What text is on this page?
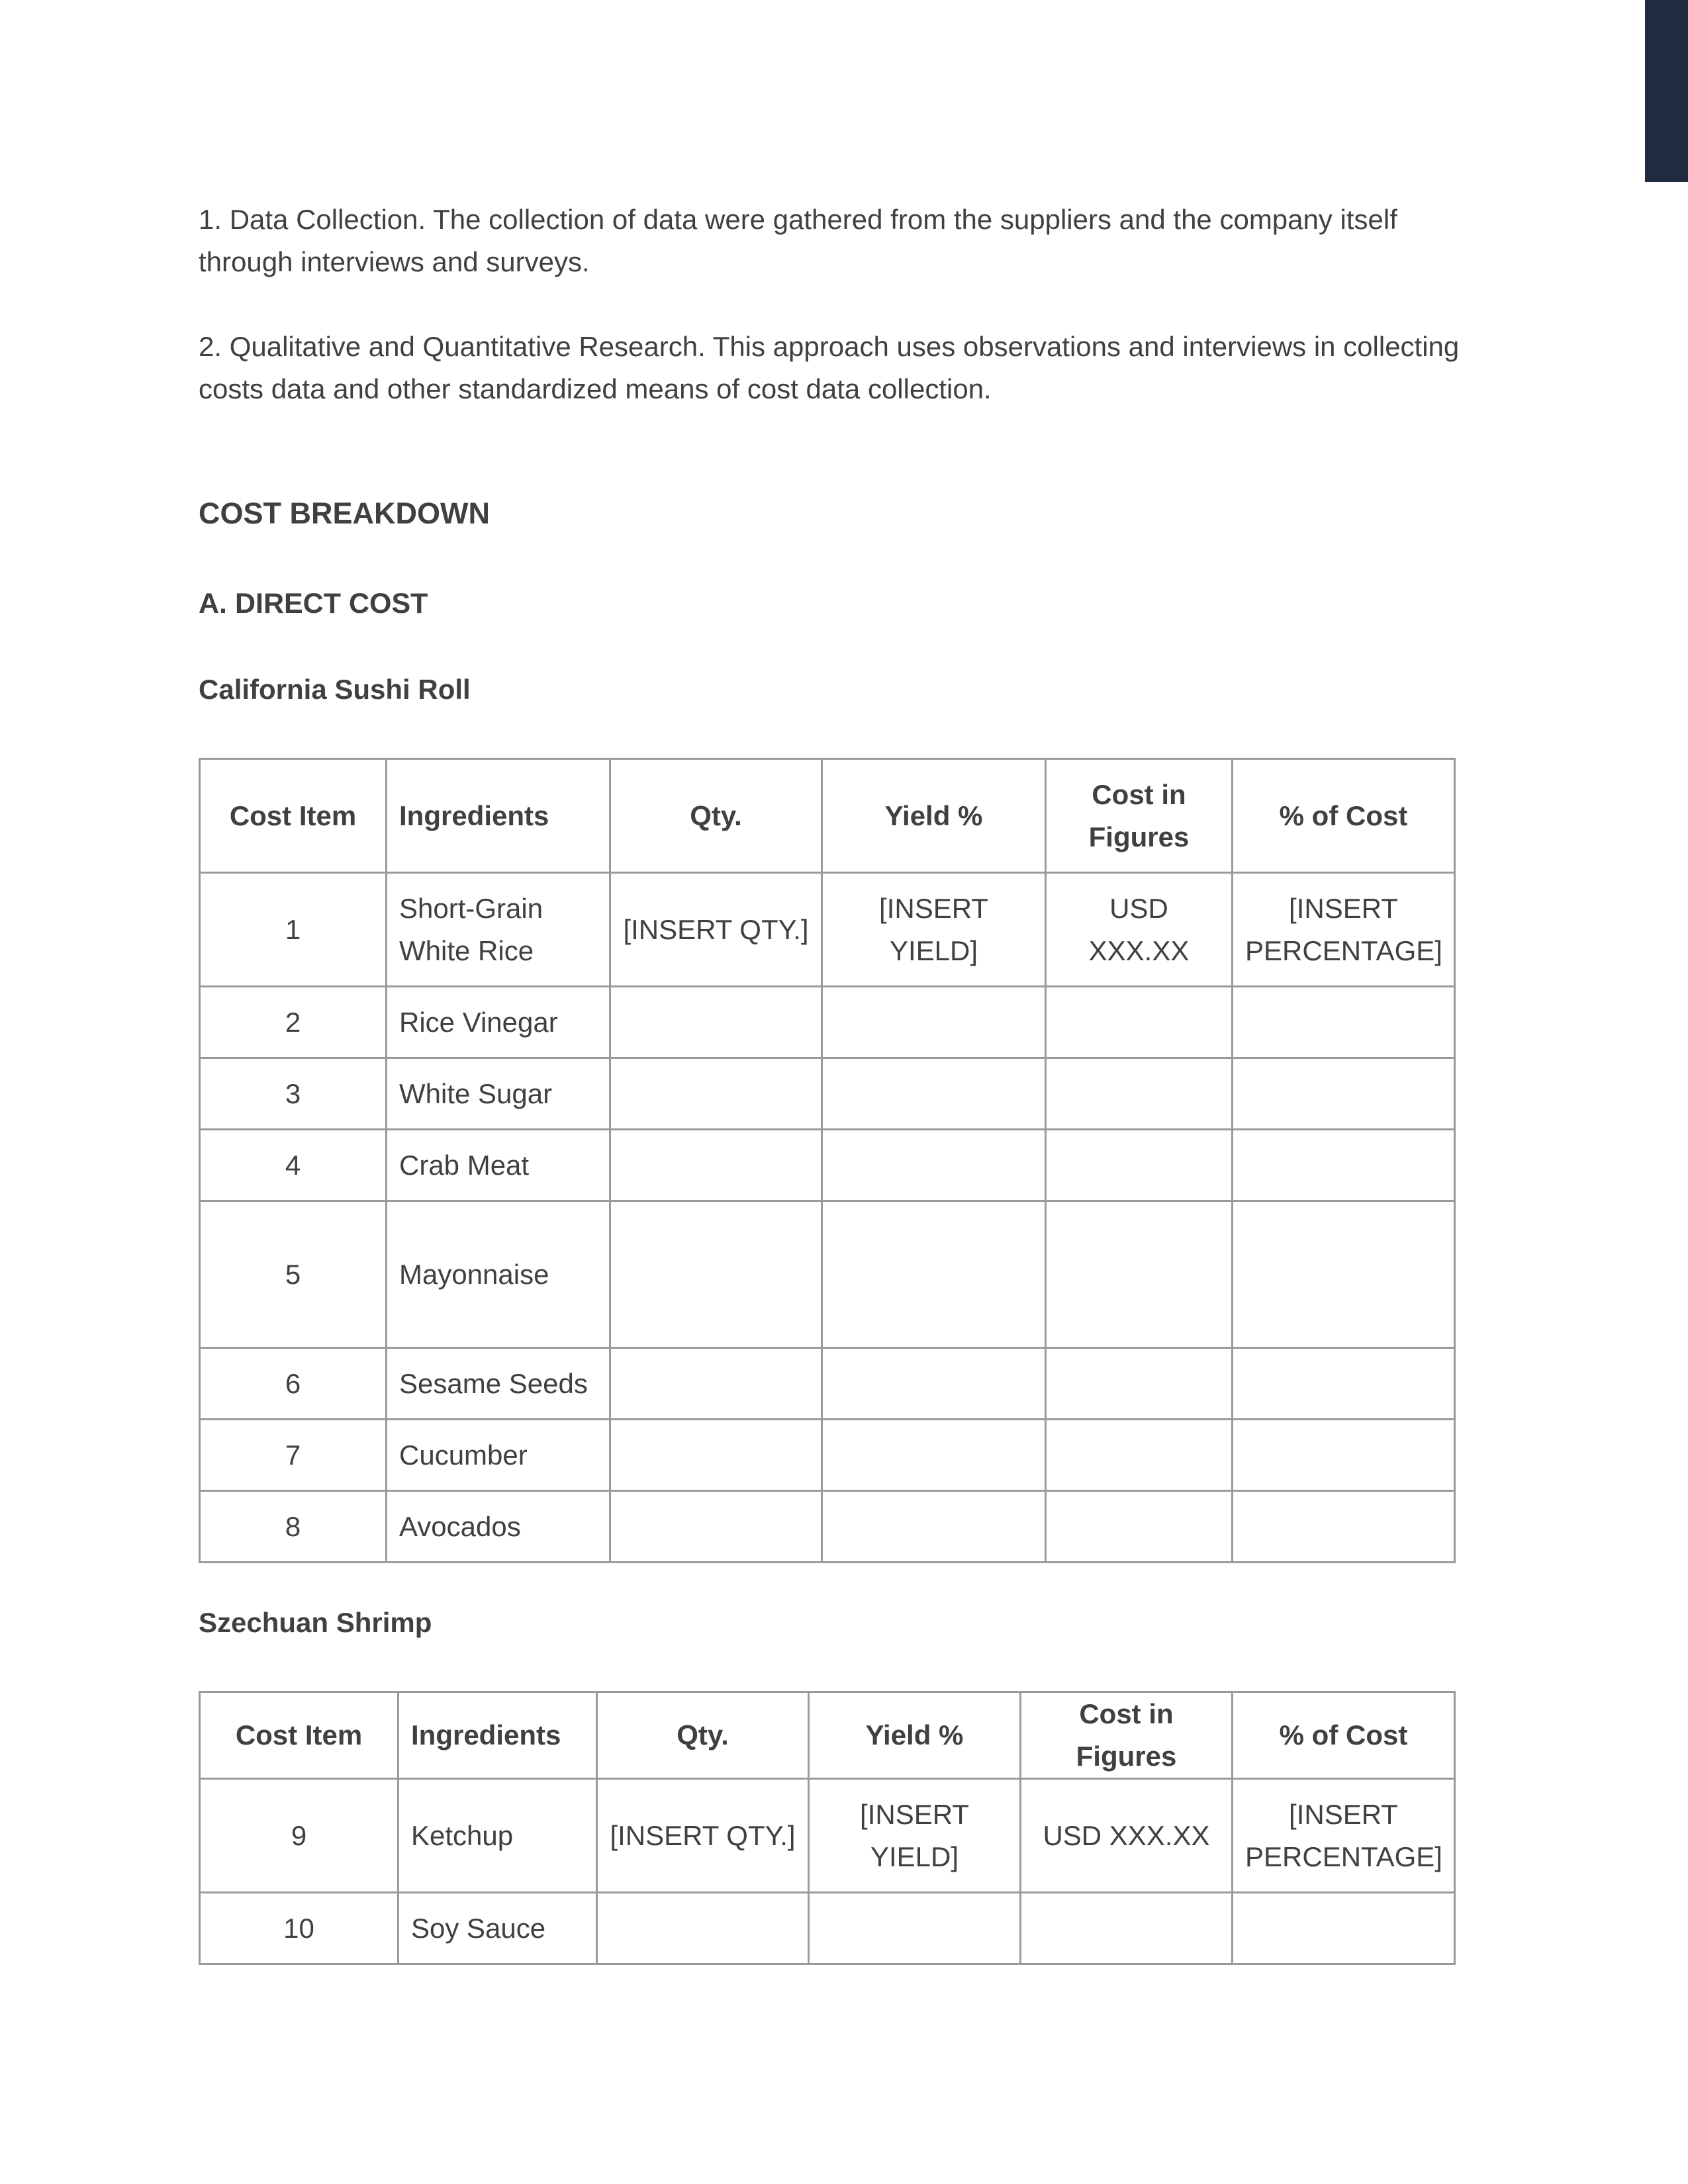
1. Data Collection. The collection of data were gathered from the suppliers and the company itself through interviews and surveys.

2. Qualitative and Quantitative Research. This approach uses observations and interviews in collecting costs data and other standardized means of cost data collection.

COST BREAKDOWN
A. DIRECT COST
California Sushi Roll
Cost Item	Ingredients	Qty.	Yield %	Cost in Figures	% of Cost
1	Short-Grain White Rice	[INSERT QTY.]	[INSERT YIELD]	USD XXX.XX	[INSERT PERCENTAGE]
2	Rice Vinegar				
3	White Sugar				
4	Crab Meat				
5	Mayonnaise				
6	Sesame Seeds				
7	Cucumber				
8	Avocados				
Szechuan Shrimp
Cost Item	Ingredients	Qty.	Yield %	Cost in Figures	% of Cost
9	Ketchup	[INSERT QTY.]	[INSERT YIELD]	USD XXX.XX	[INSERT PERCENTAGE]
10	Soy Sauce				
